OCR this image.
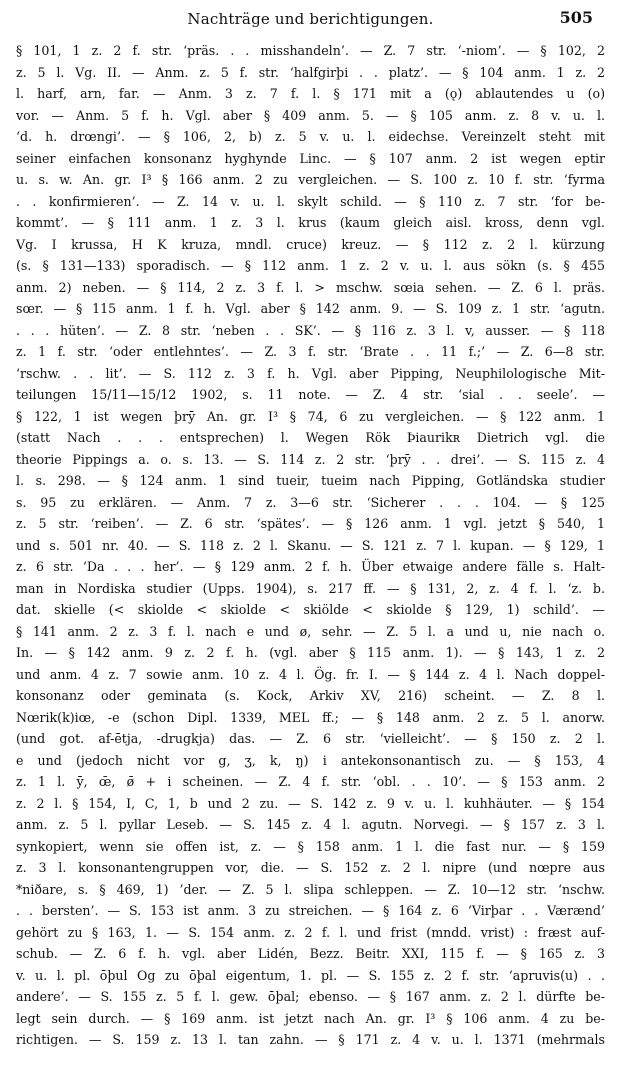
Nachträge und berichtigungen.	505
§ 101, 1 z. 2 f. str. ‘präs. . . misshandeln’. — Z. 7 str. ‘-niom’. — § 102, 2
z. 5 l. Vg. II. — Anm. z. 5 f. str. ‘halfgirþi . . platz’. — § 104 anm. 1 z. 2
l. harf, arn, far. — Anm. 3 z. 7 f. l. § 171 mit a (ǫ) ablautendes u (o)
vor. — Anm. 5 f. h. Vgl. aber § 409 anm. 5. — § 105 anm. z. 8 v. u. l.
‘d. h. drœngi’. — § 106, 2, b) z. 5 v. u. l. eidechse. Vereinzelt steht mit
seiner einfachen konsonanz hyghynde Linc. — § 107 anm. 2 ist wegen eptir
u. s. w. An. gr. I³ § 166 anm. 2 zu vergleichen. — S. 100 z. 10 f. str. ‘fyrma
. . konfirmieren’. — Z. 14 v. u. l. skylt schild. — § 110 z. 7 str. ‘for be-
kommt’. — § 111 anm. 1 z. 3 l. krus (kaum gleich aisl. kross, denn vgl.
Vg. I krussa, H K kruza, mndl. cruce) kreuz. — § 112 z. 2 l. kürzung
(s. § 131—133) sporadisch. — § 112 anm. 1 z. 2 v. u. l. aus sökn (s. § 455
anm. 2) neben. — § 114, 2 z. 3 f. l. > mschw. sœia sehen. — Z. 6 l. präs.
sœr. — § 115 anm. 1 f. h. Vgl. aber § 142 anm. 9. — S. 109 z. 1 str. ‘agutn.
. . . hüten’. — Z. 8 str. ‘neben . . SK’. — § 116 z. 3 l. v, ausser. — § 118
z. 1 f. str. ‘oder entlehntes’. — Z. 3 f. str. ‘Brate . . 11 f.;’ — Z. 6—8 str.
‘rschw. . . lit’. — S. 112 z. 3 f. h. Vgl. aber Pipping, Neuphilologische Mit-
teilungen 15/11—15/12 1902, s. 11 note. — Z. 4 str. ‘sial . . seele’. —
§ 122, 1 ist wegen þrȳ An. gr. I³ § 74, 6 zu vergleichen. — § 122 anm. 1
(statt Nach . . . entsprechen) l. Wegen Rök Þiaurikʀ Dietrich vgl. die
theorie Pippings a. o. s. 13. — S. 114 z. 2 str. ‘þrȳ . . drei’. — S. 115 z. 4
l. s. 298. — § 124 anm. 1 sind tueir, tueim nach Pipping, Gotländska studier
s. 95 zu erklären. — Anm. 7 z. 3—6 str. ‘Sicherer . . . 104. — § 125
z. 5 str. ‘reiben’. — Z. 6 str. ‘spätes’. — § 126 anm. 1 vgl. jetzt § 540, 1
und s. 501 nr. 40. — S. 118 z. 2 l. Skanu. — S. 121 z. 7 l. kupan. — § 129, 1
z. 6 str. ‘Da . . . her’. — § 129 anm. 2 f. h. Über etwaige andere fälle s. Halt-
man in Nordiska studier (Upps. 1904), s. 217 ff. — § 131, 2, z. 4 f. l. ‘z. b.
dat. skielle (< skiolde < skiolde < skiölde < skiolde § 129, 1) schild’. —
§ 141 anm. 2 z. 3 f. l. nach e und ø, sehr. — Z. 5 l. a und u, nie nach o.
In. — § 142 anm. 9 z. 2 f. h. (vgl. aber § 115 anm. 1). — § 143, 1 z. 2
und anm. 4 z. 7 sowie anm. 10 z. 4 l. Ög. fr. I. — § 144 z. 4 l. Nach doppel-
konsonanz oder geminata (s. Kock, Arkiv XV, 216) scheint. — Z. 8 l.
Nœrik(k)iœ, -e (schon Dipl. 1339, MEL ff.; — § 148 anm. 2 z. 5 l. anorw.
(und got. af-ētja, -drugkja) das. — Z. 6 str. ‘vielleicht’. — § 150 z. 2 l.
e und (jedoch nicht vor g, ʒ, k, ŋ) i antekonsonantisch zu. — § 153, 4
z. 1 l. ȳ, œ̄, ø̄ + i scheinen. — Z. 4 f. str. ‘obl. . . 10’. — § 153 anm. 2
z. 2 l. § 154, I, C, 1, b und 2 zu. — S. 142 z. 9 v. u. l. kuhhäuter. — § 154
anm. z. 5 l. pyllar Leseb. — S. 145 z. 4 l. agutn. Norvegi. — § 157 z. 3 l.
synkopiert, wenn sie offen ist, z. — § 158 anm. 1 l. die fast nur. — § 159
z. 3 l. konsonantengruppen vor, die. — S. 152 z. 2 l. nipre (und nœpre aus
*niðare, s. § 469, 1) ’der. — Z. 5 l. slipa schleppen. — Z. 10—12 str. ‘nschw.
. . bersten’. — S. 153 ist anm. 3 zu streichen. — § 164 z. 6 ‘Virþar . . Værænd’
gehört zu § 163, 1. — S. 154 anm. z. 2 f. l. und frist (mndd. vrist) : fræst auf-
schub. — Z. 6 f. h. vgl. aber Lidén, Bezz. Beitr. XXI, 115 f. — § 165 z. 3
v. u. l. pl. ōþul Og zu ōþal eigentum, 1. pl. — S. 155 z. 2 f. str. ‘apruvis(u) . .
andere’. — S. 155 z. 5 f. l. gew. ōþal; ebenso. — § 167 anm. z. 2 l. dürfte be-
legt sein durch. — § 169 anm. ist jetzt nach An. gr. I³ § 106 anm. 4 zu be-
richtigen. — S. 159 z. 13 l. tan zahn. — § 171 z. 4 v. u. l. 1371 (mehrmals
